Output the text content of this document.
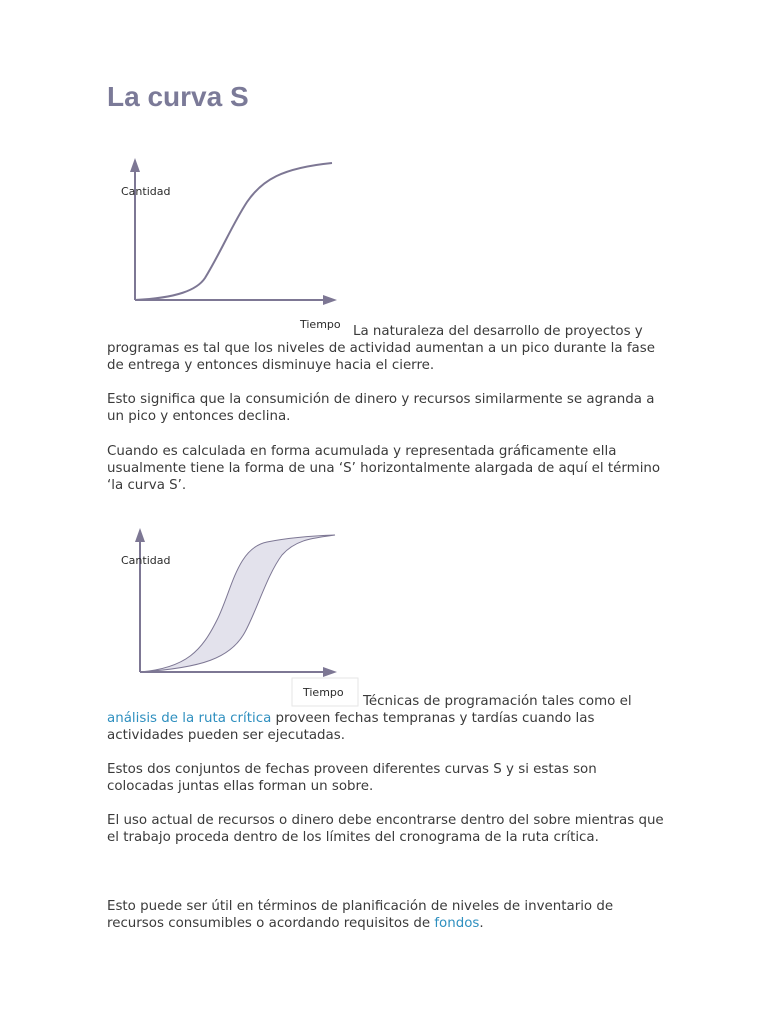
La curva S
Cantidad
Tiempo La naturaleza del desarrollo de proyectos y programas es tal que los niveles de actividad aumentan a un pico durante la fase de entrega y entonces disminuye hacia el cierre.

Esto significa que la consumición de dinero y recursos similarmente se agranda a un pico y entonces declina.

Cuando es calculada en forma acumulada y representada gráficamente ella usualmente tiene la forma de una ‘S’ horizontalmente alargada de aquí el término ‘la curva S’.

Cantidad
Tiempo

Técnicas de programación tales como el análisis de la ruta crítica proveen fechas tempranas y tardías cuando las actividades pueden ser ejecutadas.

Estos dos conjuntos de fechas proveen diferentes curvas S y si estas son colocadas juntas ellas forman un sobre.

El uso actual de recursos o dinero debe encontrarse dentro del sobre mientras que el trabajo proceda dentro de los límites del cronograma de la ruta crítica.

Esto puede ser útil en términos de planificación de niveles de inventario de recursos consumibles o acordando requisitos de fondos.
